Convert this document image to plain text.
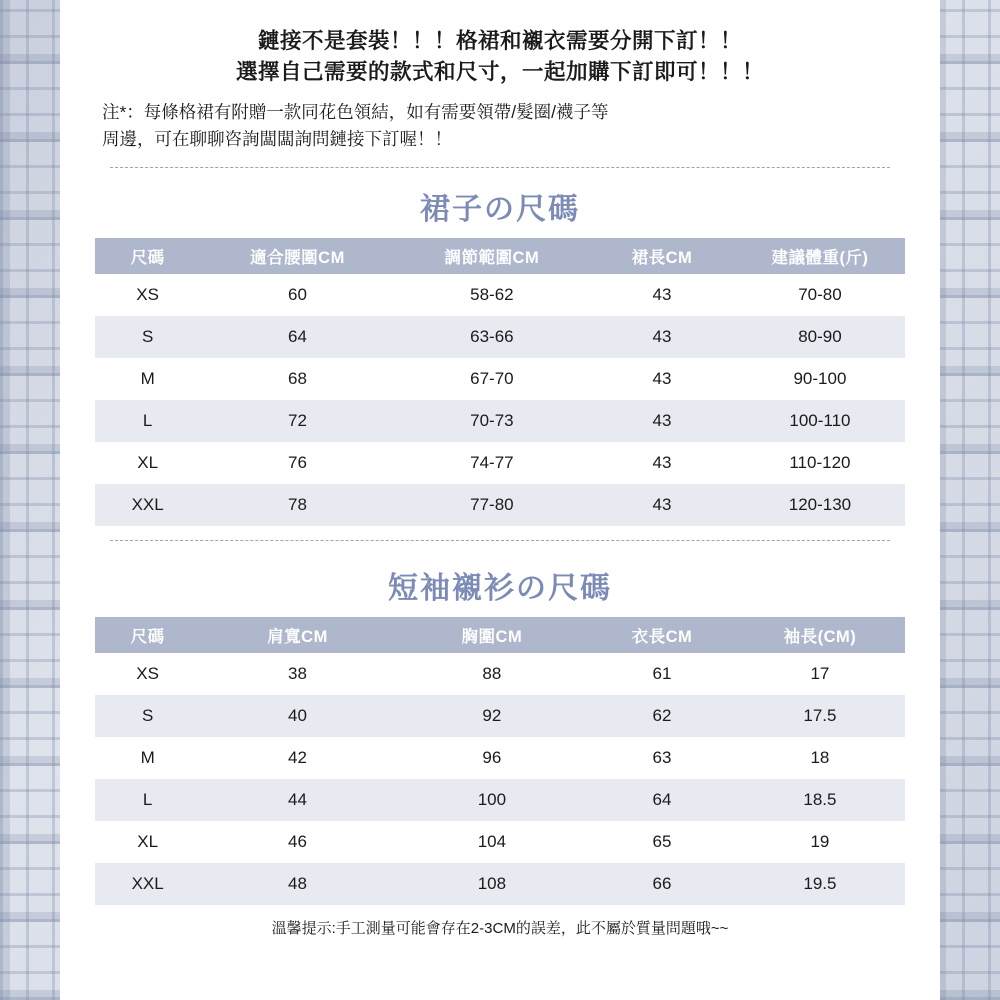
鏈接不是套裝！！！格裙和襯衣需要分開下訂！！
選擇自己需要的款式和尺寸，一起加購下訂即可！！！
注*：每條格裙有附贈一款同花色領結，如有需要領帶/髮圈/襪子等
周邊，可在聊聊咨詢闆闆詢問鏈接下訂喔！！
裙子の尺碼
尺碼	適合腰圍CM	調節範圍CM	裙長CM	建議體重(斤)
XS	60	58-62	43	70-80
S	64	63-66	43	80-90
M	68	67-70	43	90-100
L	72	70-73	43	100-110
XL	76	74-77	43	110-120
XXL	78	77-80	43	120-130
短袖襯衫の尺碼
尺碼	肩寬CM	胸圍CM	衣長CM	袖長(CM)
XS	38	88	61	17
S	40	92	62	17.5
M	42	96	63	18
L	44	100	64	18.5
XL	46	104	65	19
XXL	48	108	66	19.5
溫馨提示:手工測量可能會存在2-3CM的誤差，此不屬於質量問題哦~~
